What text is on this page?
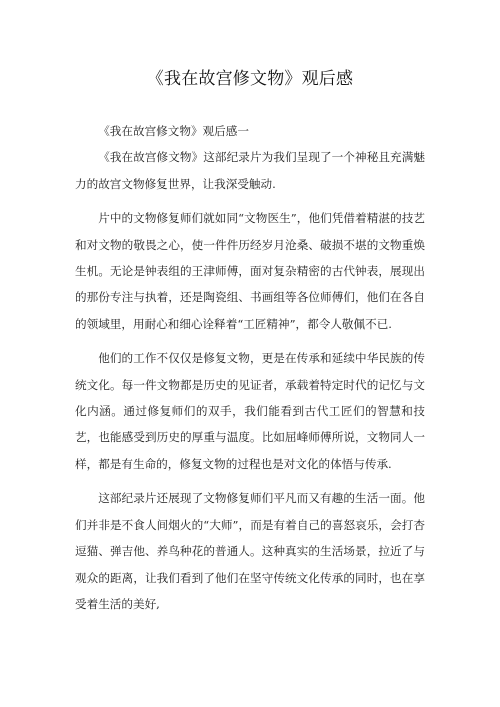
《我在故宫修文物》观后感

《我在故宫修文物》观后感一

《我在故宫修文物》这部纪录片为我们呈现了一个神秘且充满魅力的故宫文物修复世界，让我深受触动.

片中的文物修复师们就如同“文物医生”，他们凭借着精湛的技艺和对文物的敬畏之心，使一件件历经岁月沧桑、破损不堪的文物重焕生机。无论是钟表组的王津师傅，面对复杂精密的古代钟表，展现出的那份专注与执着，还是陶瓷组、书画组等各位师傅们，他们在各自的领域里，用耐心和细心诠释着“工匠精神”，都令人敬佩不已.

他们的工作不仅仅是修复文物，更是在传承和延续中华民族的传统文化。每一件文物都是历史的见证者，承载着特定时代的记忆与文化内涵。通过修复师们的双手，我们能看到古代工匠们的智慧和技艺，也能感受到历史的厚重与温度。比如屈峰师傅所说，文物同人一样，都是有生命的，修复文物的过程也是对文化的体悟与传承.

这部纪录片还展现了文物修复师们平凡而又有趣的生活一面。他们并非是不食人间烟火的“大师”，而是有着自己的喜怒哀乐，会打杏逗猫、弹吉他、养鸟种花的普通人。这种真实的生活场景，拉近了与观众的距离，让我们看到了他们在坚守传统文化传承的同时，也在享受着生活的美好,
